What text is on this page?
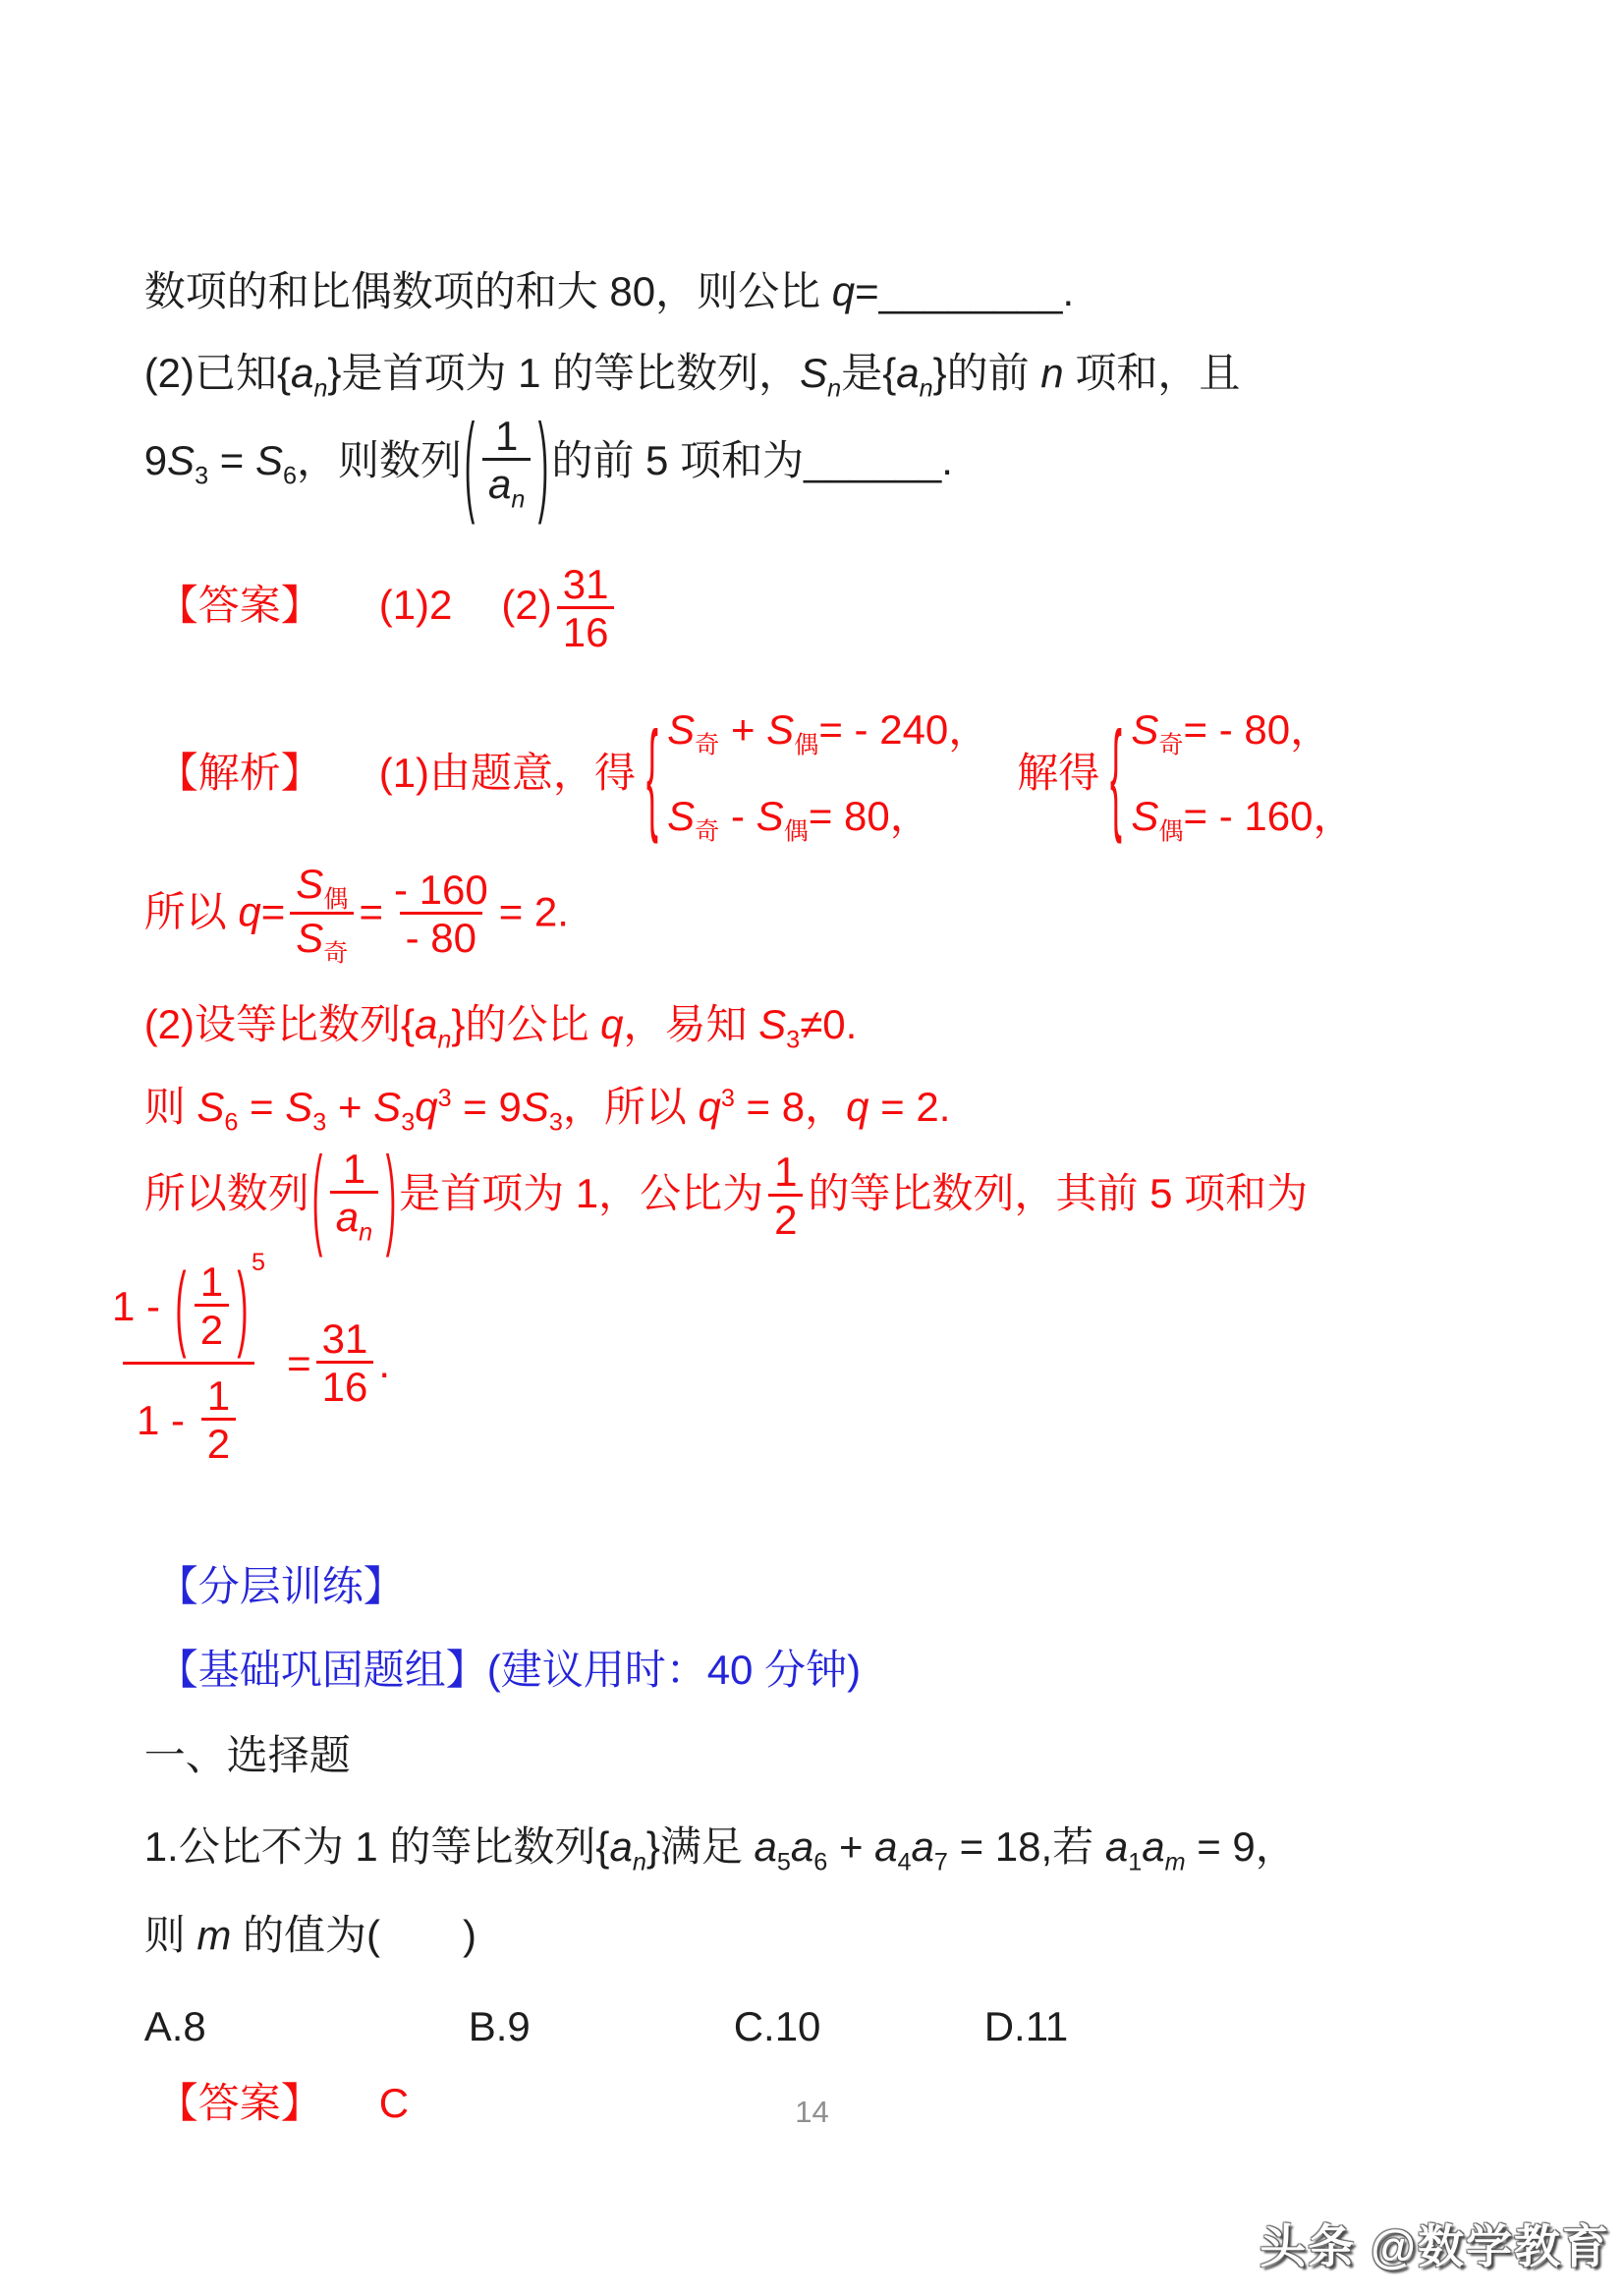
数项的和比偶数项的和大 80，则公比 q=________.

(2)已知$\{a_n\}$是首项为 1 的等比数列，$S_n$是$\{a_n\}$的前 n 项和，且

$9S_3 = S_6$，则数列( $\frac{1}{a_n}$ )的前 5 项和为______.

【答案】 (1)2 $(2) \frac{31}{16}$

【解析】 (1)由题意，得 { $S_奇 + S_偶= - 240$，
$S_奇 - S_偶= 80$，
解得 { $S_奇= - 80$，
$S_偶= - 160$，

所以 $q= \frac{S_偶}{S_奇} = \frac{- 160}{- 80} = 2$.

(2)设等比数列$\{a_n\}$的公比 q，易知 $S_3\ne 0$.

则 $S_6 = S_3 + S_3q^3 = 9S_3$，所以 $q^3 = 8$，q = 2.

所以数列( $\frac{1}{a_n}$ )是首项为 1，公比为 $\frac{1}{2}$ 的等比数列，其前 5 项和为

$\frac{1 - ( \frac{1}{2} )^5}{1 - \frac{1}{2}} = \frac{31}{16}$ .

【分层训练】

【基础巩固题组】(建议用时：40 分钟)

一、选择题

1.公比不为 1 的等比数列$\{a_n\}$满足 $a_5a_6 + a_4a_7 = 18$,若 $a_1a_m = 9$，

则 m 的值为(　　)

A.8	B.9	C.10	D.11

【答案】 C
	14
头条 @数学教育
